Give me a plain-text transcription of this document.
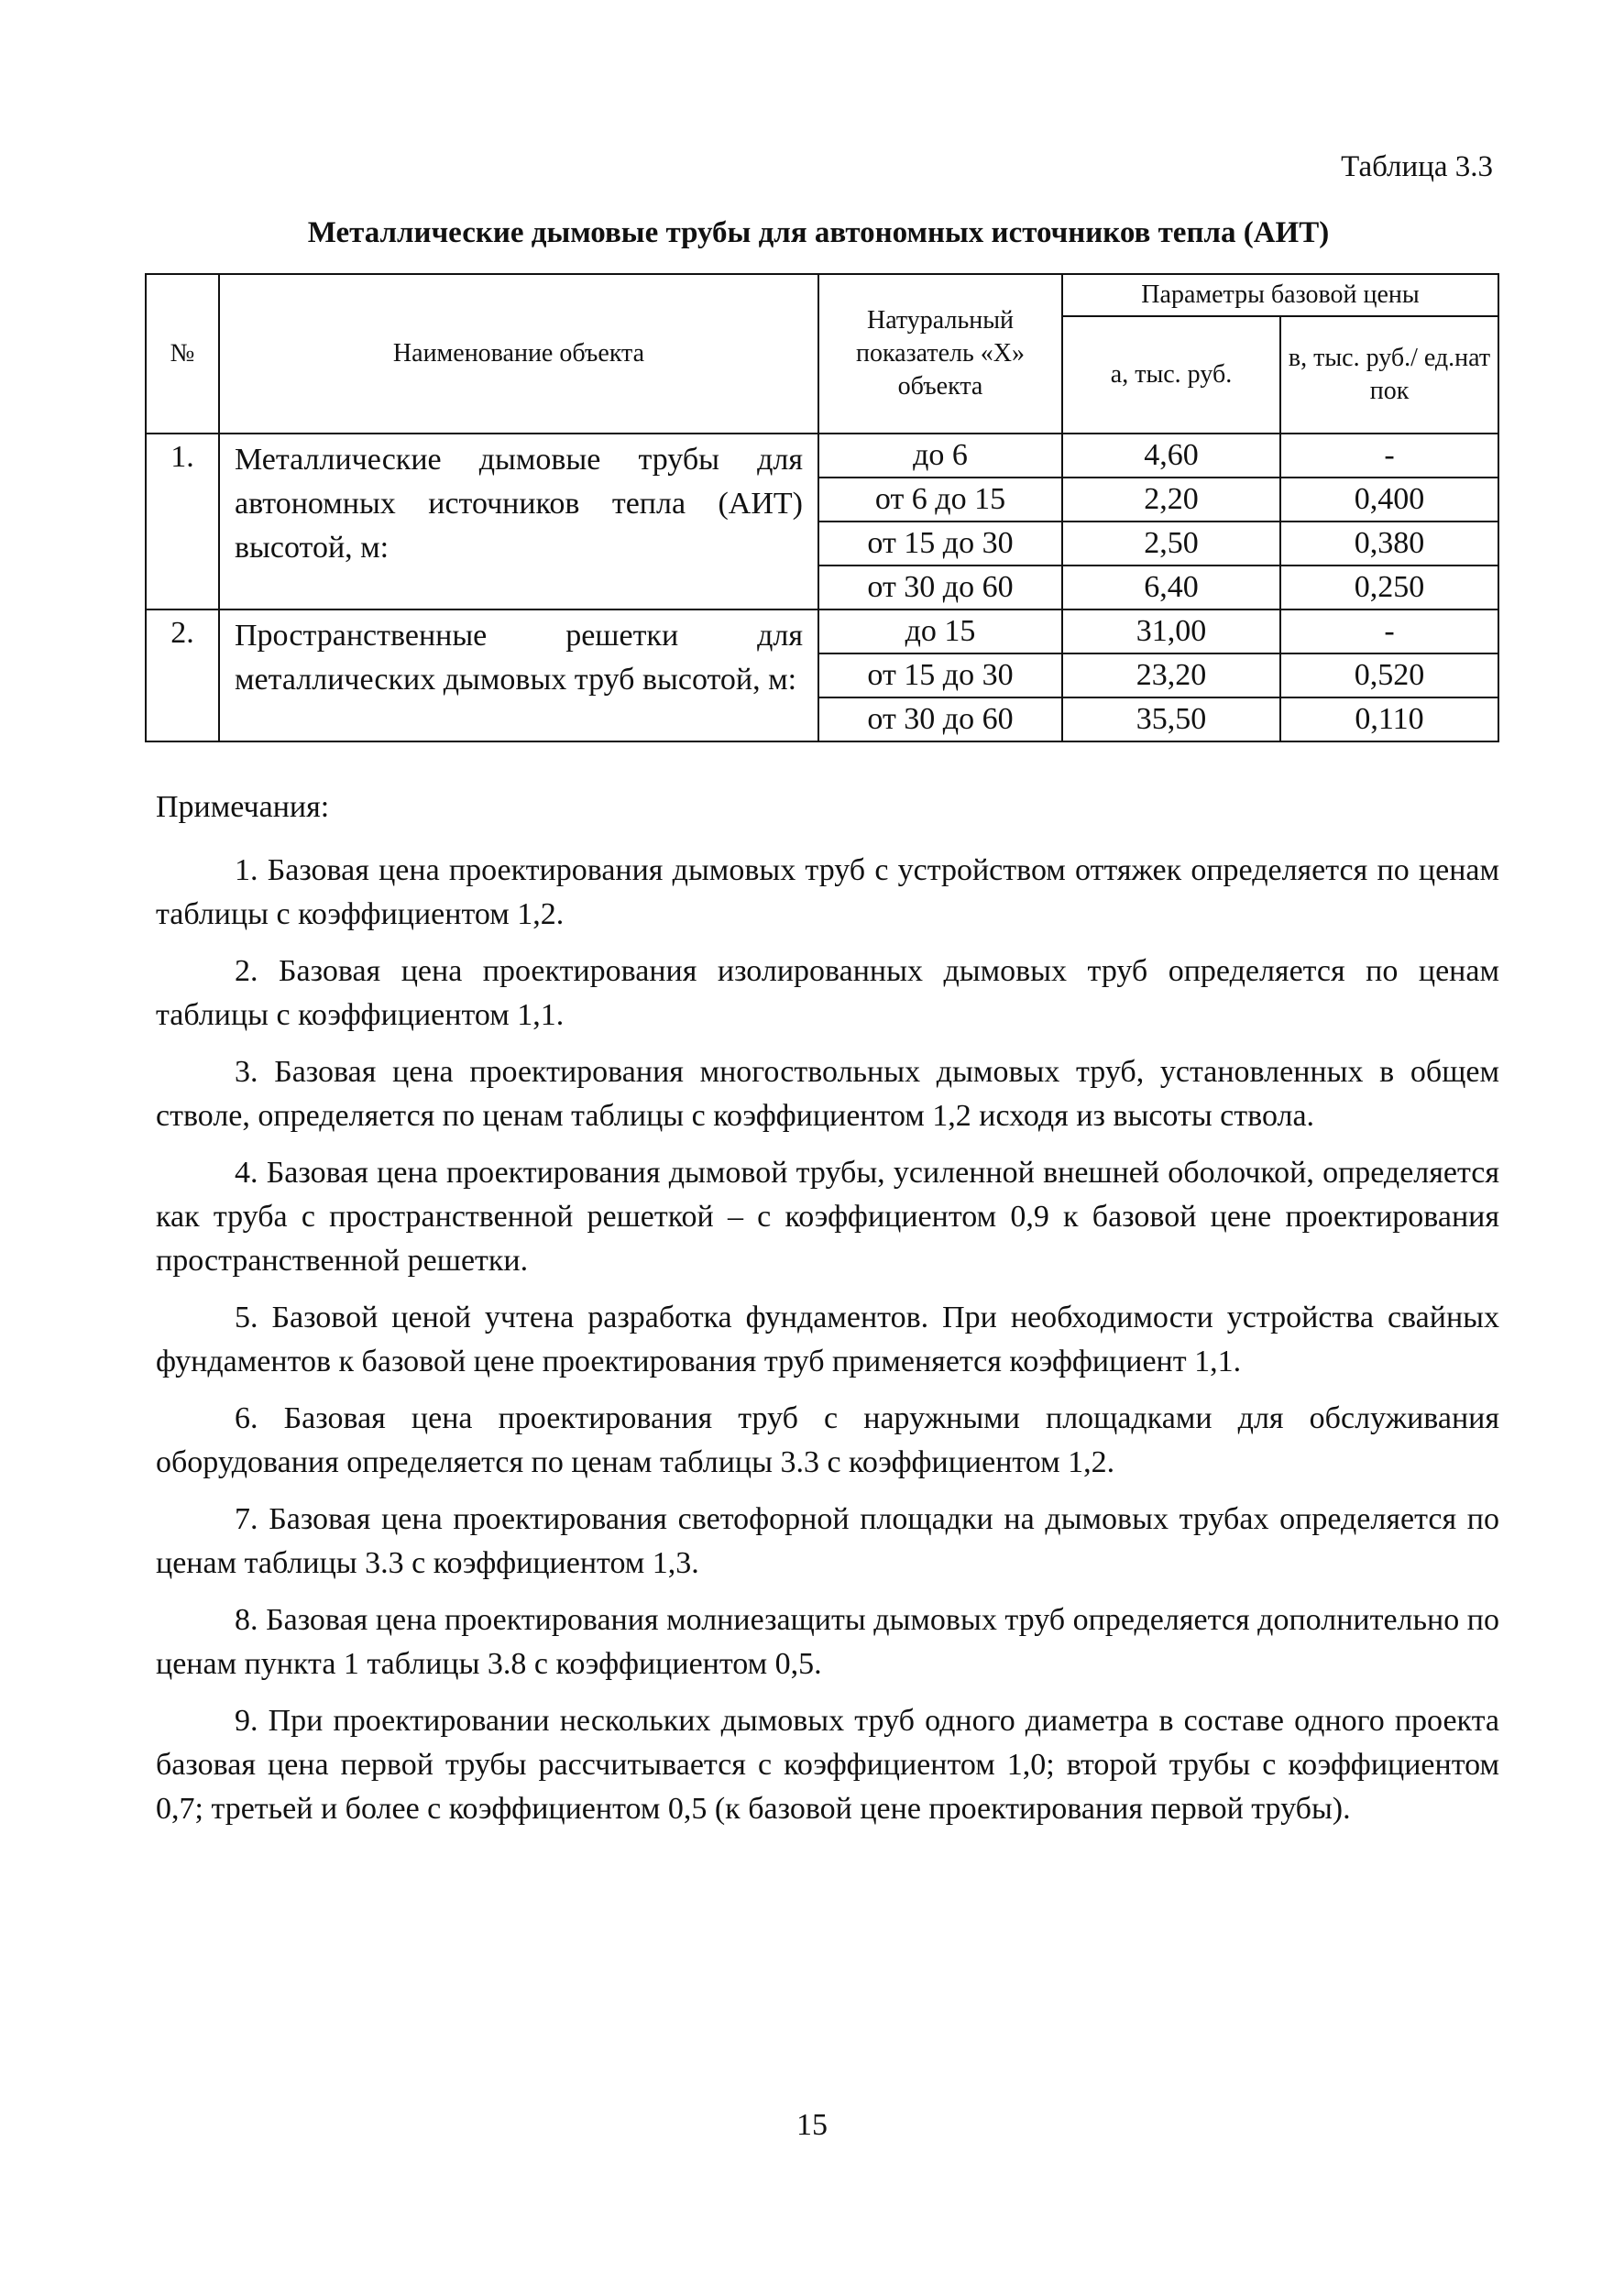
Таблица 3.3
Металлические дымовые трубы для автономных источников тепла (АИТ)
№	Наименование объекта	Натуральный показатель «Х» объекта	Параметры базовой цены	
			а, тыс. руб.	в, тыс. руб./ ед.нат пок
1.	Металлические дымовые трубы для автономных источников тепла (АИТ) высотой, м:	до 6	4,60	-
		от 6 до 15	2,20	0,400
		от 15 до 30	2,50	0,380
		от 30 до 60	6,40	0,250
2.	Пространственные решетки для металлических дымовых труб высотой, м:	до 15	31,00	-
		от 15 до 30	23,20	0,520
		от 30 до 60	35,50	0,110

Примечания:

1. Базовая цена проектирования дымовых труб с устройством оттяжек определяется по ценам таблицы с коэффициентом 1,2.

2. Базовая цена проектирования изолированных дымовых труб определяется по ценам таблицы с коэффициентом 1,1.

3. Базовая цена проектирования многоствольных дымовых труб, установленных в общем стволе, определяется по ценам таблицы с коэффициентом 1,2 исходя из высоты ствола.

4. Базовая цена проектирования дымовой трубы, усиленной внешней оболочкой, определяется как труба с пространственной решеткой – с коэффициентом 0,9 к базовой цене проектирования пространственной решетки.

5. Базовой ценой учтена разработка фундаментов. При необходимости устройства свайных фундаментов к базовой цене проектирования труб применяется коэффициент 1,1.

6. Базовая цена проектирования труб с наружными площадками для обслуживания оборудования определяется по ценам таблицы 3.3 с коэффициентом 1,2.

7. Базовая цена проектирования светофорной площадки на дымовых трубах определяется по ценам таблицы 3.3 с коэффициентом 1,3.

8. Базовая цена проектирования молниезащиты дымовых труб определяется дополнительно по ценам пункта 1 таблицы 3.8 с коэффициентом 0,5.

9. При проектировании нескольких дымовых труб одного диаметра в составе одного проекта базовая цена первой трубы рассчитывается с коэффициентом 1,0; второй трубы с коэффициентом 0,7; третьей и более с коэффициентом 0,5 (к базовой цене проектирования первой трубы).

15
